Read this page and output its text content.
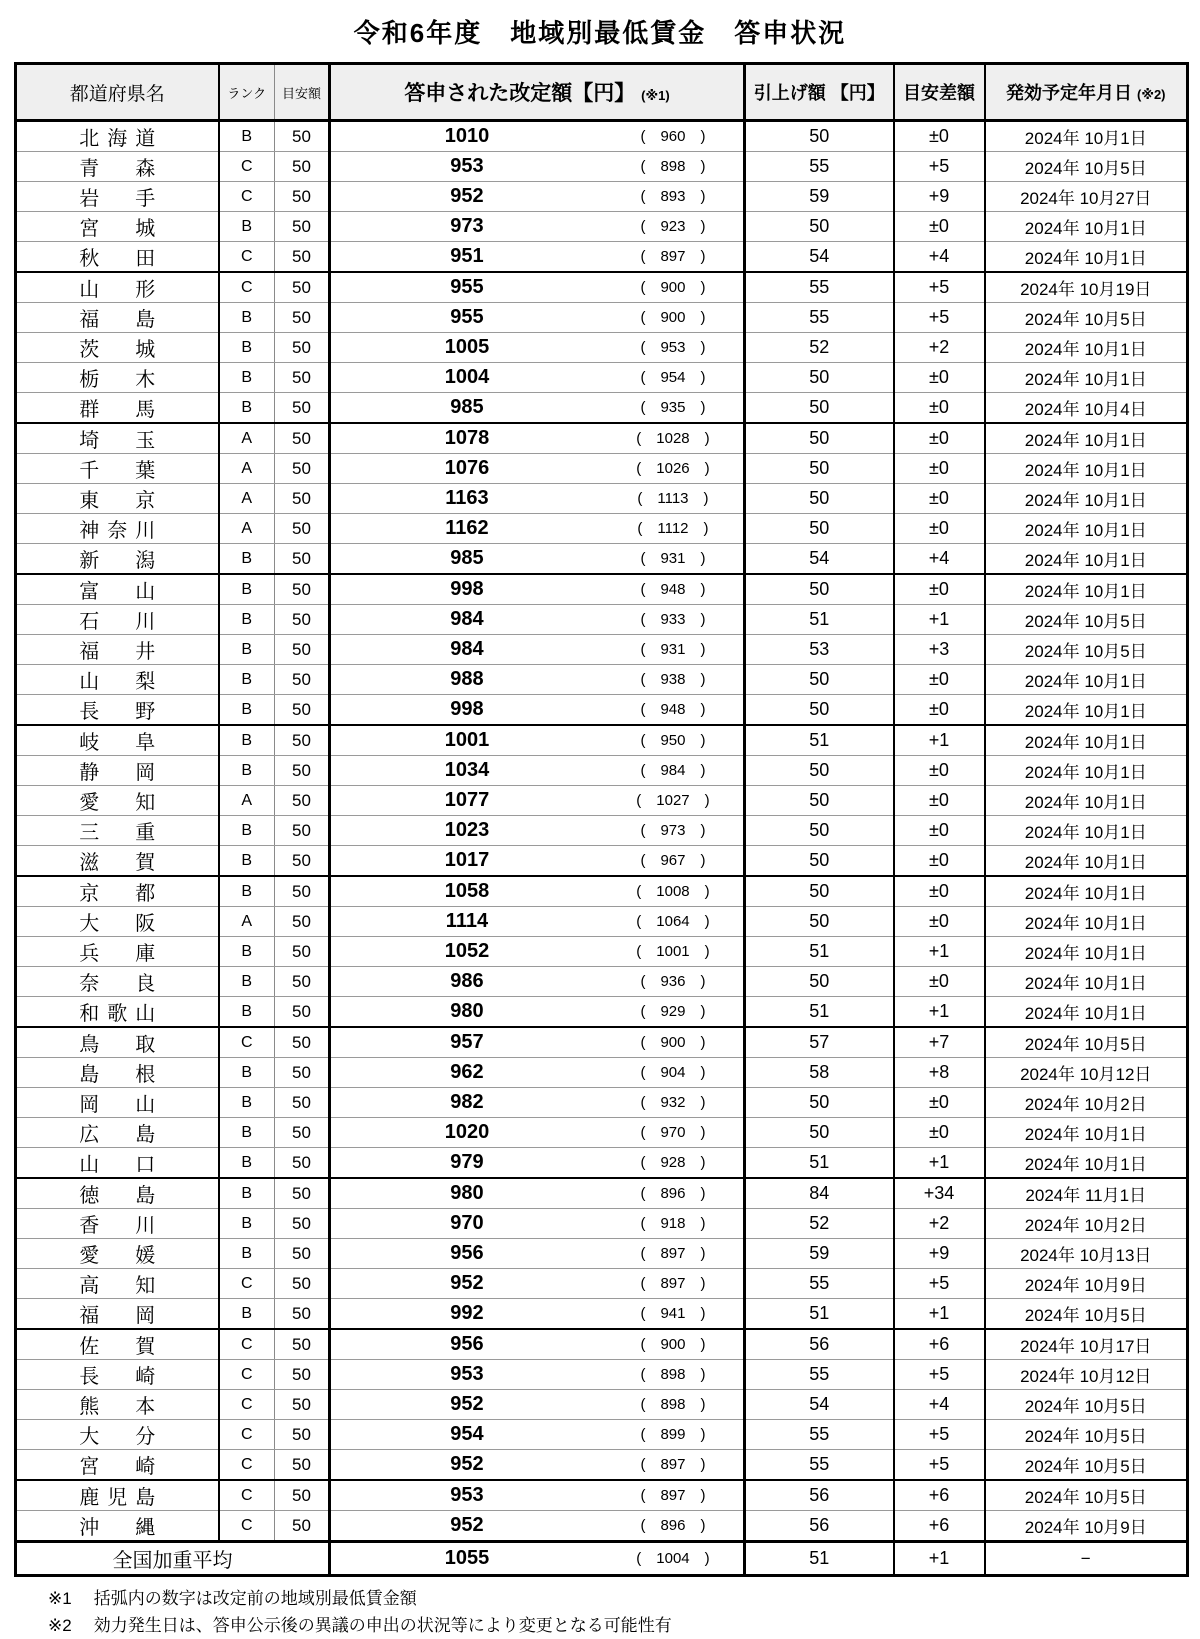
令和6年度　地域別最低賃金　答申状況
都道府県名	ランク	目安額	答申された改定額【円】 (※1)	引上げ額 【円】	目安差額	発効予定年月日 (※2)

北 海 道	B	50	1010 ( 960 )	50	±0	2024年 10月1日

青 森	C	50	953 ( 898 )	55	+5	2024年 10月5日

岩 手	C	50	952 ( 893 )	59	+9	2024年 10月27日

宮 城	B	50	973 ( 923 )	50	±0	2024年 10月1日

秋 田	C	50	951 ( 897 )	54	+4	2024年 10月1日

山 形	C	50	955 ( 900 )	55	+5	2024年 10月19日

福 島	B	50	955 ( 900 )	55	+5	2024年 10月5日

茨 城	B	50	1005 ( 953 )	52	+2	2024年 10月1日

栃 木	B	50	1004 ( 954 )	50	±0	2024年 10月1日

群 馬	B	50	985 ( 935 )	50	±0	2024年 10月4日

埼 玉	A	50	1078 ( 1028 )	50	±0	2024年 10月1日

千 葉	A	50	1076 ( 1026 )	50	±0	2024年 10月1日

東 京	A	50	1163 ( 1113 )	50	±0	2024年 10月1日

神 奈 川	A	50	1162 ( 1112 )	50	±0	2024年 10月1日

新 潟	B	50	985 ( 931 )	54	+4	2024年 10月1日

富 山	B	50	998 ( 948 )	50	±0	2024年 10月1日

石 川	B	50	984 ( 933 )	51	+1	2024年 10月5日

福 井	B	50	984 ( 931 )	53	+3	2024年 10月5日

山 梨	B	50	988 ( 938 )	50	±0	2024年 10月1日

長 野	B	50	998 ( 948 )	50	±0	2024年 10月1日

岐 阜	B	50	1001 ( 950 )	51	+1	2024年 10月1日

静 岡	B	50	1034 ( 984 )	50	±0	2024年 10月1日

愛 知	A	50	1077 ( 1027 )	50	±0	2024年 10月1日

三 重	B	50	1023 ( 973 )	50	±0	2024年 10月1日

滋 賀	B	50	1017 ( 967 )	50	±0	2024年 10月1日

京 都	B	50	1058 ( 1008 )	50	±0	2024年 10月1日

大 阪	A	50	1114 ( 1064 )	50	±0	2024年 10月1日

兵 庫	B	50	1052 ( 1001 )	51	+1	2024年 10月1日

奈 良	B	50	986 ( 936 )	50	±0	2024年 10月1日

和 歌 山	B	50	980 ( 929 )	51	+1	2024年 10月1日

鳥 取	C	50	957 ( 900 )	57	+7	2024年 10月5日

島 根	B	50	962 ( 904 )	58	+8	2024年 10月12日

岡 山	B	50	982 ( 932 )	50	±0	2024年 10月2日

広 島	B	50	1020 ( 970 )	50	±0	2024年 10月1日

山 口	B	50	979 ( 928 )	51	+1	2024年 10月1日

徳 島	B	50	980 ( 896 )	84	+34	2024年 11月1日

香 川	B	50	970 ( 918 )	52	+2	2024年 10月2日

愛 媛	B	50	956 ( 897 )	59	+9	2024年 10月13日

高 知	C	50	952 ( 897 )	55	+5	2024年 10月9日

福 岡	B	50	992 ( 941 )	51	+1	2024年 10月5日

佐 賀	C	50	956 ( 900 )	56	+6	2024年 10月17日

長 崎	C	50	953 ( 898 )	55	+5	2024年 10月12日

熊 本	C	50	952 ( 898 )	54	+4	2024年 10月5日

大 分	C	50	954 ( 899 )	55	+5	2024年 10月5日

宮 崎	C	50	952 ( 897 )	55	+5	2024年 10月5日

鹿 児 島	C	50	953 ( 897 )	56	+6	2024年 10月5日

沖 縄	C	50	952 ( 896 )	56	+6	2024年 10月9日
全国加重平均			1055 ( 1004 )	51	+1	−
※1 括弧内の数字は改定前の地域別最低賃金額
※2 効力発生日は、答申公示後の異議の申出の状況等により変更となる可能性有
